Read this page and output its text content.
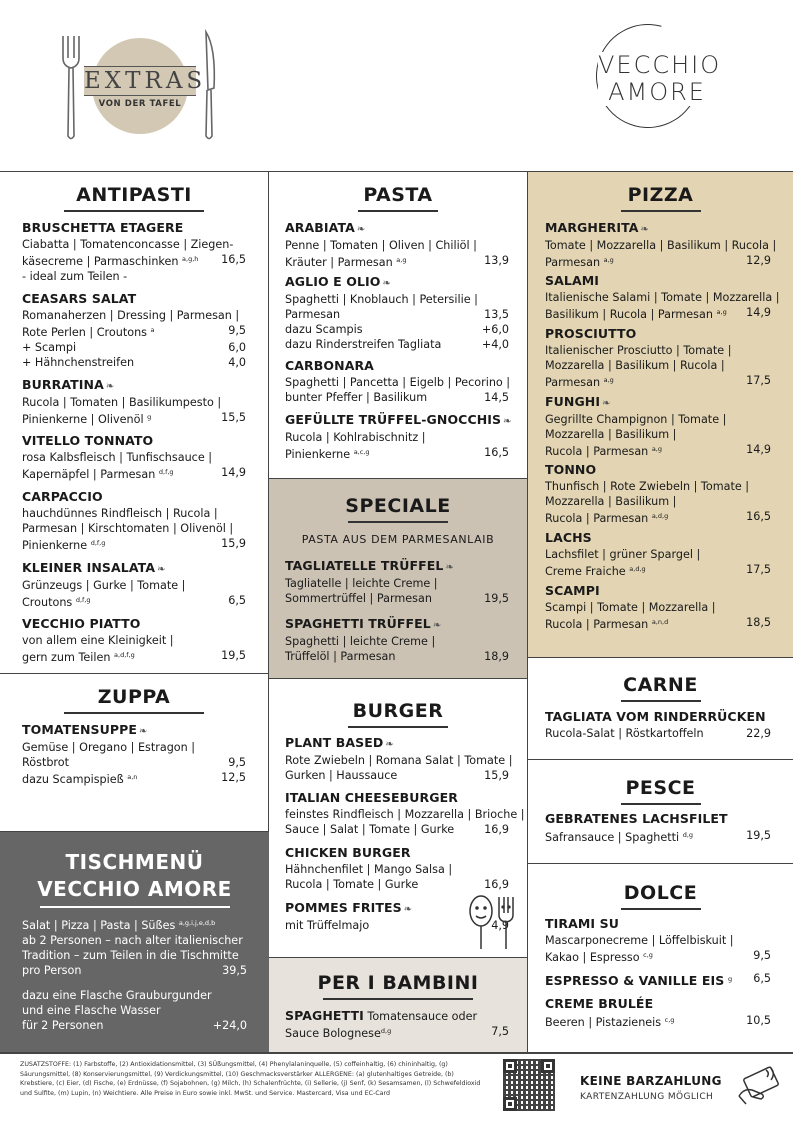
EXTRAS
VON DER TAFEL
VECCHIO
AMORE
ANTIPASTI
BRUSCHETTA ETAGERE
Ciabatta | Tomatenconcasse | Ziegen-
käsecreme | Parmaschinken $^{a,g,h}$ 16,5
- ideal zum Teilen -
CEASARS SALAT
Romanaherzen | Dressing | Parmesan |
Rote Perlen | Croutons $^a$	9,5
+ Scampi	6,0
+ Hähnchenstreifen	4,0
BURRATINA ❧
Rucola | Tomaten | Basilikumpesto |
Pinienkerne | Olivenöl $^g$	15,5
VITELLO TONNATO
rosa Kalbsfleisch | Tunfischsauce |
Kapernäpfel | Parmesan $^{d,f,g}$	14,9
CARPACCIO
hauchdünnes Rindfleisch | Rucola |
Parmesan | Kirschtomaten | Olivenöl |
Pinienkerne $^{d,f,g}$	15,9
KLEINER INSALATA ❧
Grünzeugs | Gurke | Tomate |
Croutons $^{d,f,g}$	6,5
VECCHIO PIATTO
von allem eine Kleinigkeit |
gern zum Teilen $^{a,d,f,g}$	19,5
ZUPPA
TOMATENSUPPE ❧
Gemüse | Oregano | Estragon |
Röstbrot	9,5
dazu Scampispieß $^{a,n}$	12,5
TISCHMENÜ
VECCHIO AMORE
Salat | Pizza | Pasta | Süßes $^{a,g,i,j,e,d,b}$
ab 2 Personen – nach alter italienischer
Tradition – zum Teilen in die Tischmitte
pro Person	39,5
dazu eine Flasche Grauburgunder
und eine Flasche Wasser
für 2 Personen	+24,0
PASTA
ARABIATA ❧
Penne | Tomaten | Oliven | Chiliöl |
Kräuter | Parmesan $^{a,g}$	13,9
AGLIO E OLIO ❧
Spaghetti | Knoblauch | Petersilie |
Parmesan	13,5
dazu Scampis	+6,0
dazu Rinderstreifen Tagliata	+4,0
CARBONARA
Spaghetti | Pancetta | Eigelb | Pecorino |
bunter Pfeffer | Basilikum	14,5
GEFÜLLTE TRÜFFEL-GNOCCHIS ❧
Rucola | Kohlrabischnitz |
Pinienkerne $^{a,c,g}$	16,5
SPECIALE
PASTA AUS DEM PARMESANLAIB
TAGLIATELLE TRÜFFEL ❧
Tagliatelle | leichte Creme |
Sommertrüffel | Parmesan	19,5
SPAGHETTI TRÜFFEL ❧
Spaghetti | leichte Creme |
Trüffelöl | Parmesan	18,9
BURGER
PLANT BASED ❧
Rote Zwiebeln | Romana Salat | Tomate |
Gurken | Haussauce	15,9
ITALIAN CHEESEBURGER
feinstes Rindfleisch | Mozzarella | Brioche |
Sauce | Salat | Tomate | Gurke	16,9
CHICKEN BURGER
Hähnchenfilet | Mango Salsa |
Rucola | Tomate | Gurke	16,9
POMMES FRITES ❧
mit Trüffelmajo	4,9
PER I BAMBINI
SPAGHETTI Tomatensauce oder
Sauce Bolognese$^{d,g}$	7,5
PIZZA
MARGHERITA ❧
Tomate | Mozzarella | Basilikum | Rucola |
Parmesan $^{a,g}$	12,9
SALAMI
Italienische Salami | Tomate | Mozzarella |
Basilikum | Rucola | Parmesan $^{a,g}$ 14,9
PROSCIUTTO
Italienischer Prosciutto | Tomate |
Mozzarella | Basilikum | Rucola |
Parmesan $^{a,g}$	17,5
FUNGHI ❧
Gegrillte Champignon | Tomate |
Mozzarella | Basilikum |
Rucola | Parmesan $^{a,g}$	14,9
TONNO
Thunfisch | Rote Zwiebeln | Tomate |
Mozzarella | Basilikum |
Rucola | Parmesan $^{a,d,g}$	16,5
LACHS
Lachsfilet | grüner Spargel |
Creme Fraiche $^{a,d,g}$	17,5
SCAMPI
Scampi | Tomate | Mozzarella |
Rucola | Parmesan $^{a,n,d}$	18,5
CARNE
TAGLIATA VOM RINDERRÜCKEN
Rucola-Salat | Röstkartoffeln	22,9
PESCE
GEBRATENES LACHSFILET
Safransauce | Spaghetti $^{d,g}$	19,5
DOLCE
TIRAMI SU
Mascarponecreme | Löffelbiskuit |
Kakao | Espresso $^{c,g}$	9,5
ESPRESSO & VANILLE EIS $^g$ 6,5
CREME BRULÉE
Beeren | Pistazieneis $^{c,g}$	10,5
ZUSATZSTOFFE: (1) Farbstoffe, (2) Antioxidationsmittel, (3) SÜßungsmittel, (4) Phenylalaninquelle, (5) coffeinhaltig, (6) chininhaltig, (g) Säurungsmittel, (8) Konservierungsmittel, (9) Verdickungsmittel, (10) Geschmacksverstärker ALLERGENE: (a) glutenhaltiges Getreide, (b) Krebstiere, (c) Eier, (d) Fische, (e) Erdnüsse, (f) Sojabohnen, (g) Milch, (h) Schalenfrüchte, (i) Sellerie, (j) Senf, (k) Sesamsamen, (l) Schwefeldioxid und Sulfite, (m) Lupin, (n) Weichtiere. Alle Preise in Euro sowie inkl. MwSt. und Service. Mastercard, Visa und EC-Card
KEINE BARZAHLUNG
KARTENZAHLUNG MÖGLICH
